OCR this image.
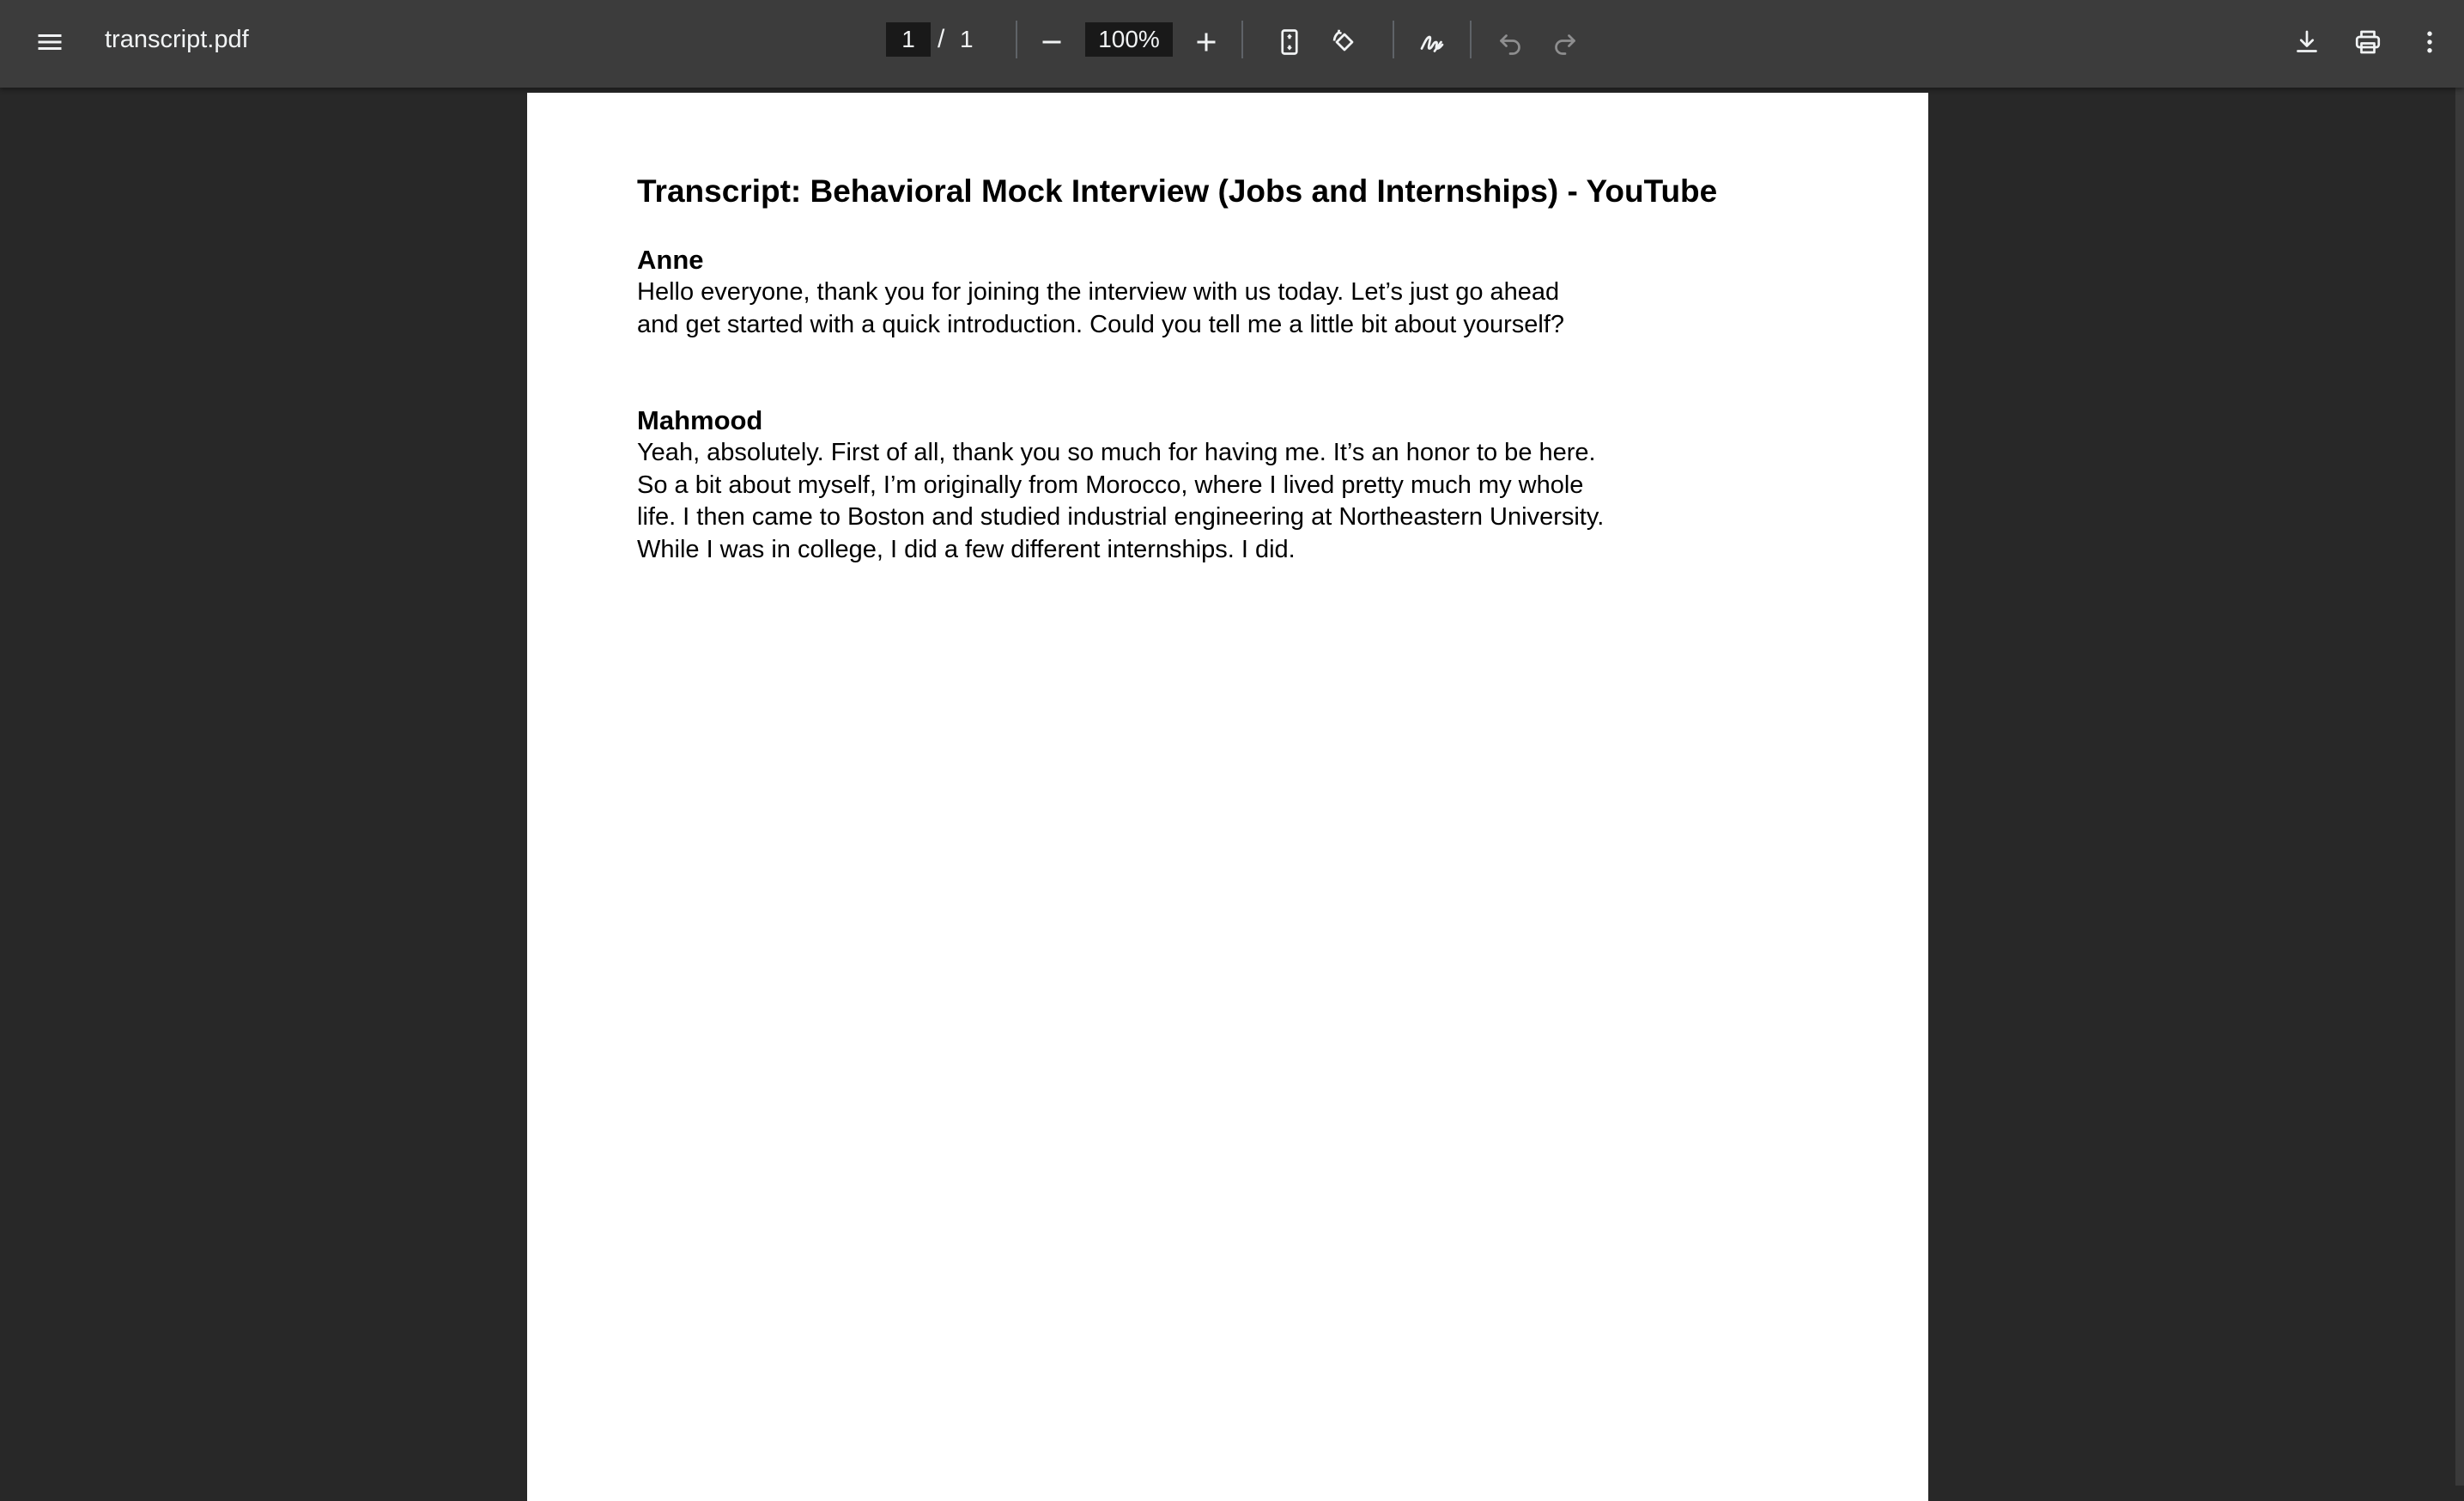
transcript.pdf
1	/ 1
100%
Transcript: Behavioral Mock Interview (Jobs and Internships) - YouTube

Anne

Hello everyone, thank you for joining the interview with us today. Let’s just go ahead and get started with a quick introduction. Could you tell me a little bit about yourself?

Mahmood

Yeah, absolutely. First of all, thank you so much for having me. It’s an honor to be here. So a bit about myself, I’m originally from Morocco, where I lived pretty much my whole life. I then came to Boston and studied industrial engineering at Northeastern University. While I was in college, I did a few different internships. I did.
